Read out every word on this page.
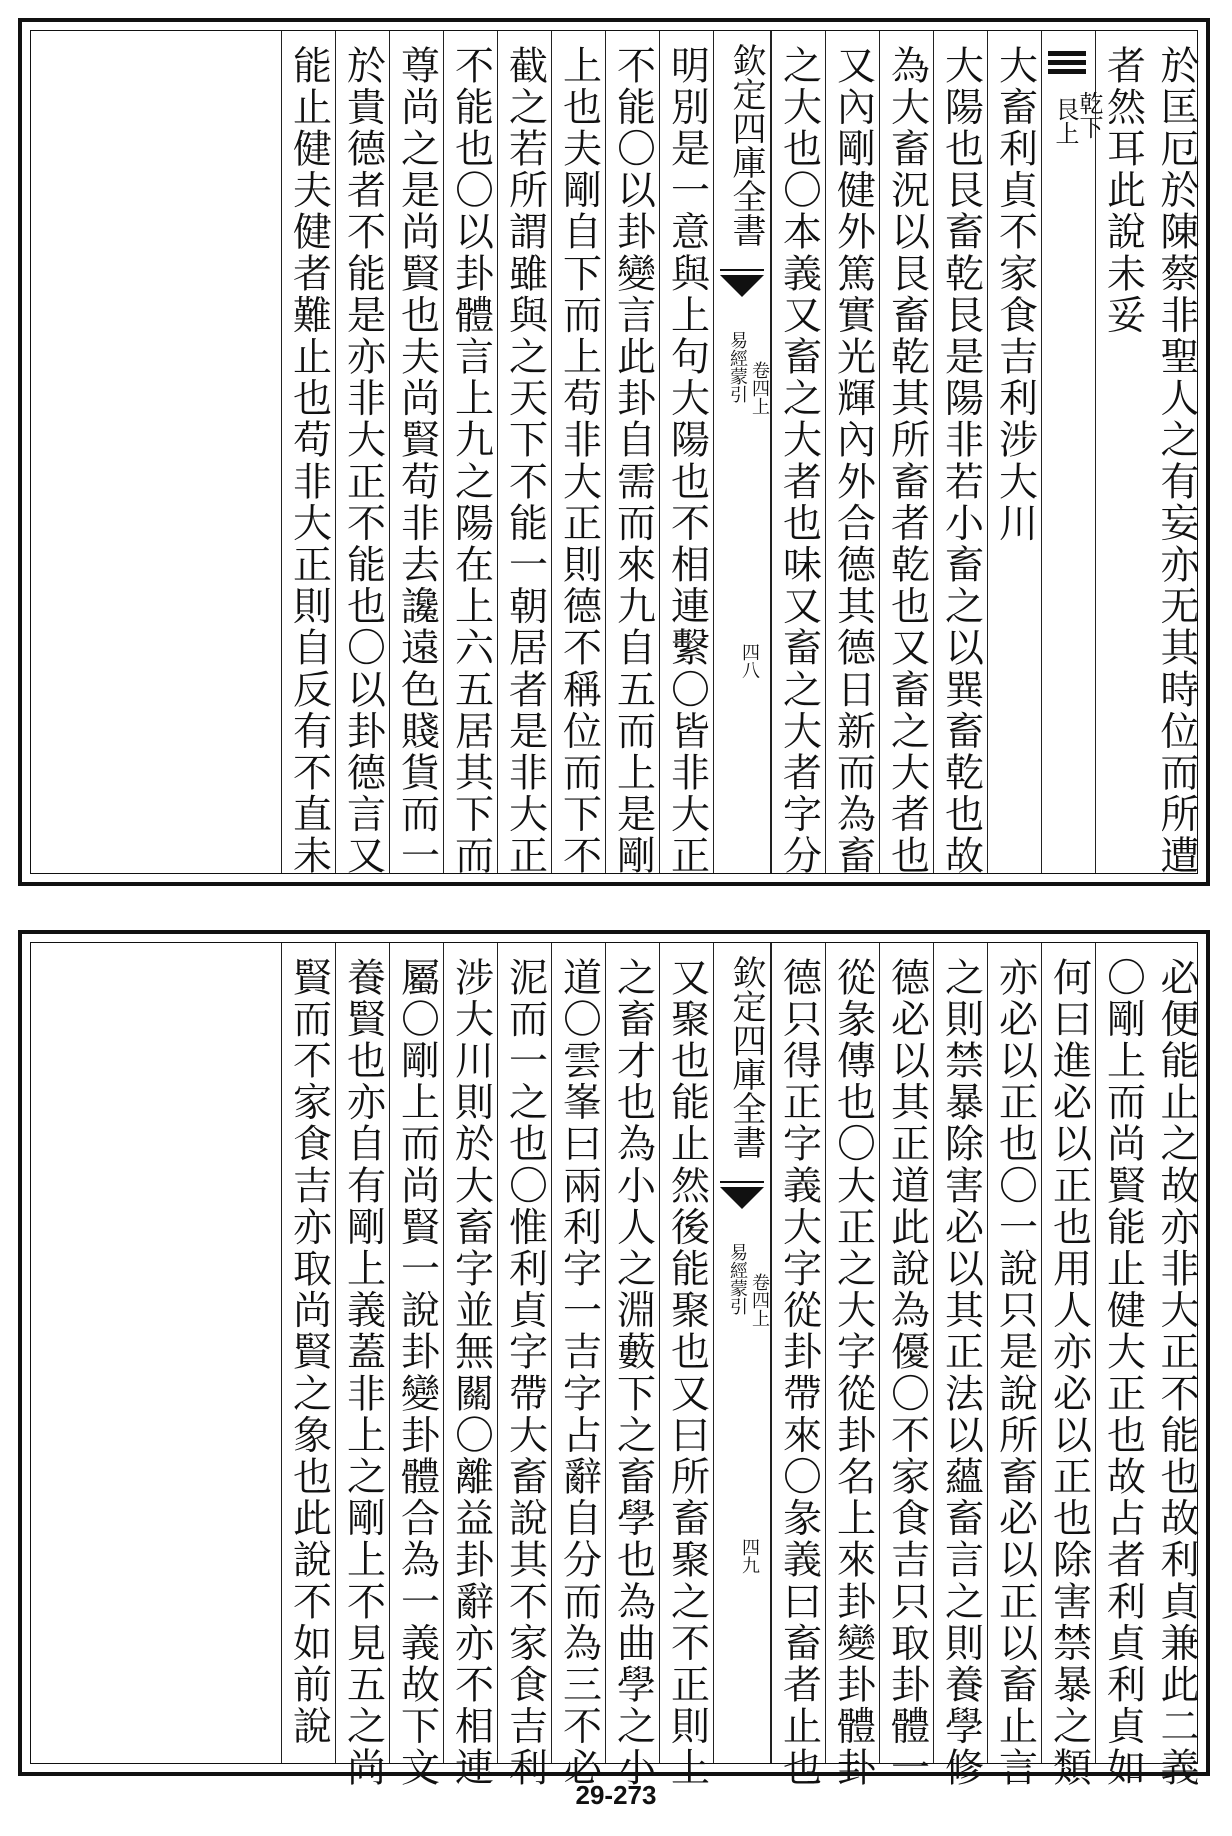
於匡厄於陳蔡非聖人之有妄亦无其時位而所遭
者然耳此說未妥
乾下
艮上
大畜利貞不家食吉利涉大川
大陽也艮畜乾艮是陽非若小畜之以巽畜乾也故
為大畜況以艮畜乾其所畜者乾也又畜之大者也
又內剛健外篤實光輝內外合德其德日新而為畜
之大也〇本義又畜之大者也味又畜之大者字分
欽定四庫全書
易經蒙引 卷四上
四八
明別是一意與上句大陽也不相連繫〇皆非大正
不能〇以卦變言此卦自需而來九自五而上是剛
上也夫剛自下而上苟非大正則德不稱位而下不
截之若所謂雖與之天下不能一朝居者是非大正
不能也〇以卦體言上九之陽在上六五居其下而
尊尚之是尚賢也夫尚賢苟非去讒遠色賤貨而一
於貴德者不能是亦非大正不能也〇以卦德言又
能止健夫健者難止也苟非大正則自反有不直未
必便能止之故亦非大正不能也故利貞兼此二義
〇剛上而尚賢能止健大正也故占者利貞利貞如
何曰進必以正也用人亦必以正也除害禁暴之類
亦必以正也〇一說只是說所畜必以正以畜止言
之則禁暴除害必以其正法以蘊畜言之則養學修
德必以其正道此說為優〇不家食吉只取卦體一
從彖傳也〇大正之大字從卦名上來卦變卦體卦
德只得正字義大字從卦帶來〇彖義曰畜者止也
欽定四庫全書
易經蒙引 卷四上
四九
又聚也能止然後能聚也又曰所畜聚之不正則上
之畜才也為小人之淵藪下之畜學也為曲學之小
道〇雲峯曰兩利字一吉字占辭自分而為三不必
泥而一之也〇惟利貞字帶大畜說其不家食吉利
涉大川則於大畜字並無關〇離益卦辭亦不相連
屬〇剛上而尚賢一說卦變卦體合為一義故下文
養賢也亦自有剛上義蓋非上之剛上不見五之尚
賢而不家食吉亦取尚賢之象也此說不如前說
29-273
